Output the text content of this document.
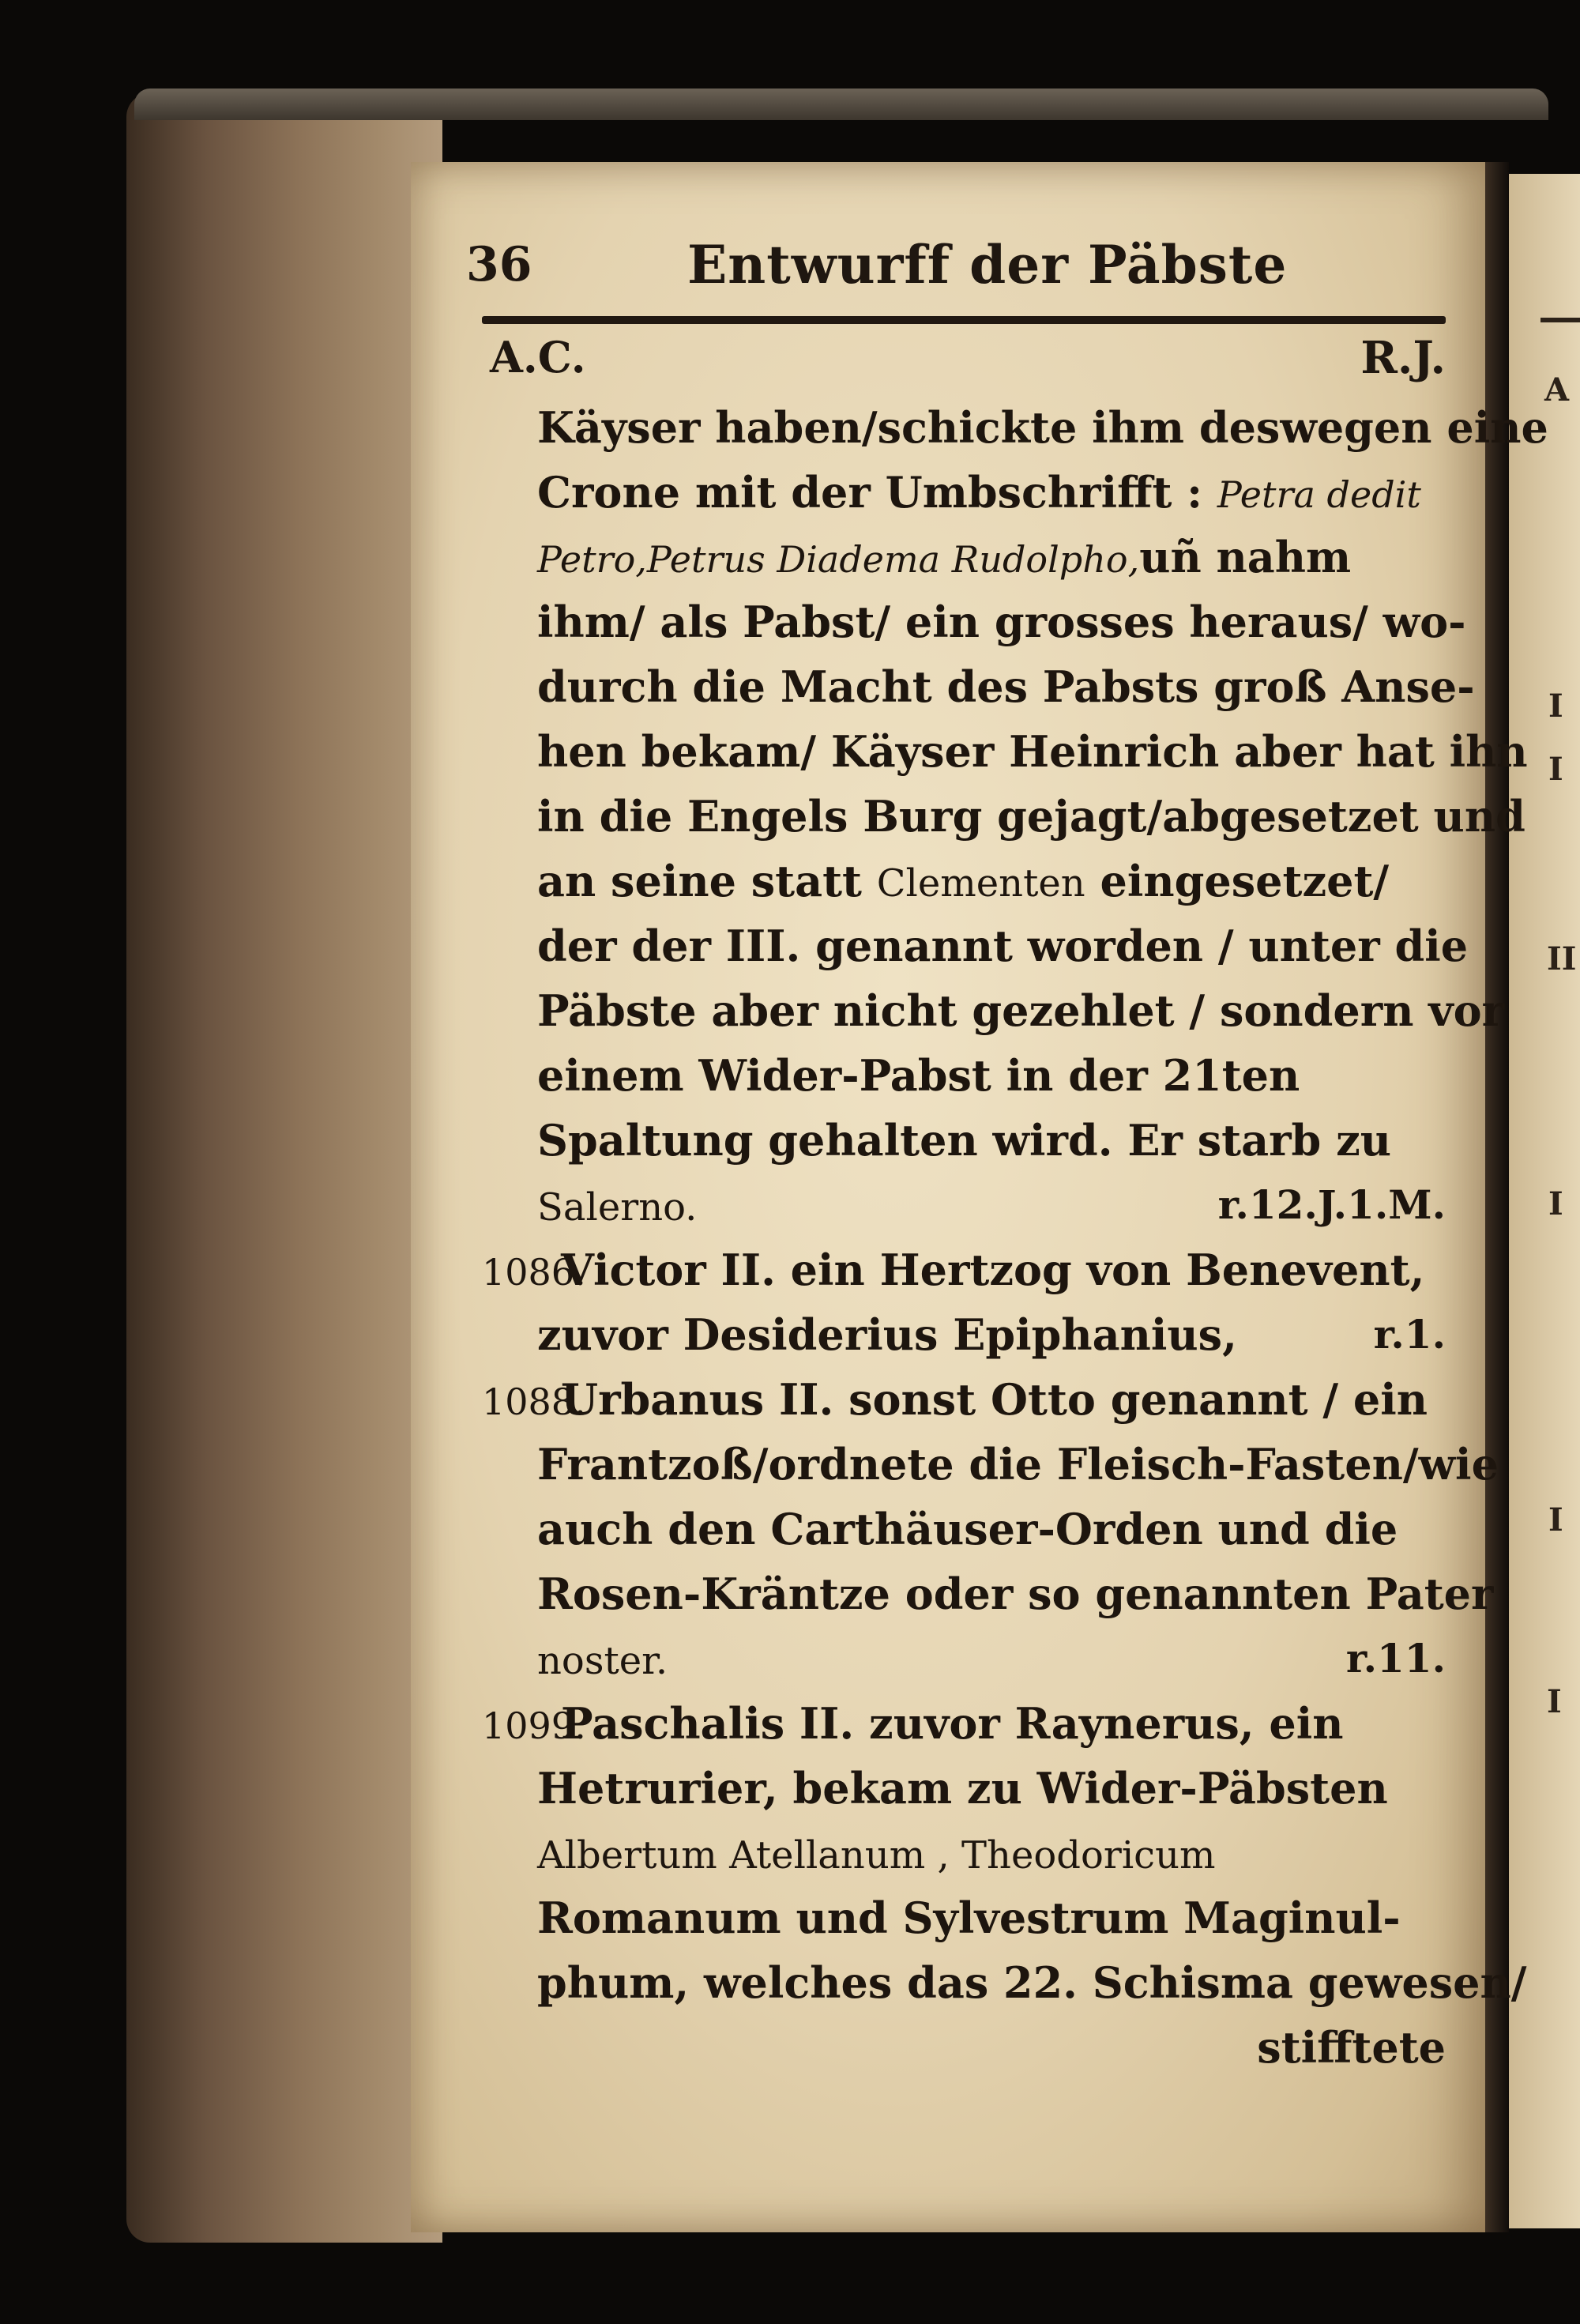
A
I
I
II
I
I
I
36	Entwurff der Päbste
A.C.	R.J.
Käyser haben/schickte ihm deswegen eine
Crone mit der Umbschrifft : Petra dedit
Petro,Petrus Diadema Rudolpho,uñ nahm
ihm/ als Pabst/ ein grosses heraus/ wo-
durch die Macht des Pabsts groß Anse-
hen bekam/ Käyser Heinrich aber hat ihn
in die Engels Burg gejagt/abgesetzet und
an seine statt Clementen eingesetzet/
der der III. genannt worden / unter die
Päbste aber nicht gezehlet / sondern vor
einem Wider-Pabst in der 21ten
Spaltung gehalten wird. Er starb zu
Salerno.	r.12.J.1.M.
1086.Victor II. ein Hertzog von Benevent,
zuvor Desiderius Epiphanius,	r.1.
1088.Urbanus II. sonst Otto genannt / ein
Frantzoß/ordnete die Fleisch-Fasten/wie
auch den Carthäuser-Orden und die
Rosen-Kräntze oder so genannten Pater
noster.	r.11.
1099.Paschalis II. zuvor Raynerus, ein
Hetrurier, bekam zu Wider-Päbsten
Albertum Atellanum , Theodoricum
Romanum und Sylvestrum Maginul-
phum, welches das 22. Schisma gewesen/
stifftete
